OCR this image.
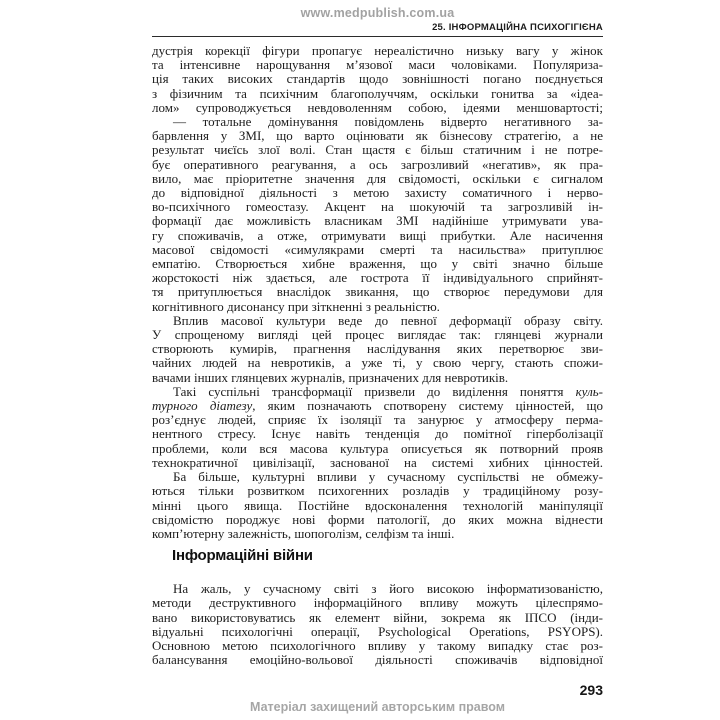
www.medpublish.com.ua
25. ІНФОРМАЦІЙНА ПСИХОГІГІЄНА
дустрія корекції фігури пропагує нереалістично низьку вагу у жінок
та інтенсивне нарощування м’язової маси чоловіками. Популяриза-
ція таких високих стандартів щодо зовнішності погано поєднується
з фізичним та психічним благополуччям, оскільки гонитва за «ідеа-
лом» супроводжується невдоволенням собою, ідеями меншовартості;
— тотальне домінування повідомлень відверто негативного за-
барвлення у ЗМІ, що варто оцінювати як бізнесову стратегію, а не
результат чиєїсь злої волі. Стан щастя є більш статичним і не потре-
бує оперативного реагування, а ось загрозливий «негатив», як пра-
вило, має пріоритетне значення для свідомості, оскільки є сигналом
до відповідної діяльності з метою захисту соматичного і нерво-
во-психічного гомеостазу. Акцент на шокуючій та загрозливій ін-
формації дає можливість власникам ЗМІ надійніше утримувати ува-
гу споживачів, а отже, отримувати вищі прибутки. Але насичення
масової свідомості «симулякрами смерті та насильства» притуплює
емпатію. Створюється хибне враження, що у світі значно більше
жорстокості ніж здається, але гострота її індивідуального сприйнят-
тя притуплюється внаслідок звикання, що створює передумови для
когнітивного дисонансу при зіткненні з реальністю.
Вплив масової культури веде до певної деформації образу світу.
У спрощеному вигляді цей процес виглядає так: глянцеві журнали
створюють кумирів, прагнення наслідування яких перетворює зви-
чайних людей на невротиків, а уже ті, у свою чергу, стають спожи-
вачами інших глянцевих журналів, призначених для невротиків.
Такі суспільні трансформації призвели до виділення поняття куль-
турного діатезу, яким позначають спотворену систему цінностей, що
роз’єднує людей, сприяє їх ізоляції та занурює у атмосферу перма-
нентного стресу. Існує навіть тенденція до помітної гіперболізації
проблеми, коли вся масова культура описується як потворний прояв
технократичної цивілізації, заснованої на системі хибних цінностей.
Ба більше, культурні впливи у сучасному суспільстві не обмежу-
ються тільки розвитком психогенних розладів у традиційному розу-
мінні цього явища. Постійне вдосконалення технологій маніпуляції
свідомістю породжує нові форми патології, до яких можна віднести
комп’ютерну залежність, шопоголізм, селфізм та інші.
Інформаційні війни
На жаль, у сучасному світі з його високою інформатизованістю,
методи деструктивного інформаційного впливу можуть цілеспрямо-
вано використовуватись як елемент війни, зокрема як ІПСО (інди-
відуальні психологічні операції, Psychological Operations, PSYOPS).
Основною метою психологічного впливу у такому випадку стає роз-
балансування емоційно-вольової діяльності споживачів відповідної
293
Матеріал захищений авторським правом
